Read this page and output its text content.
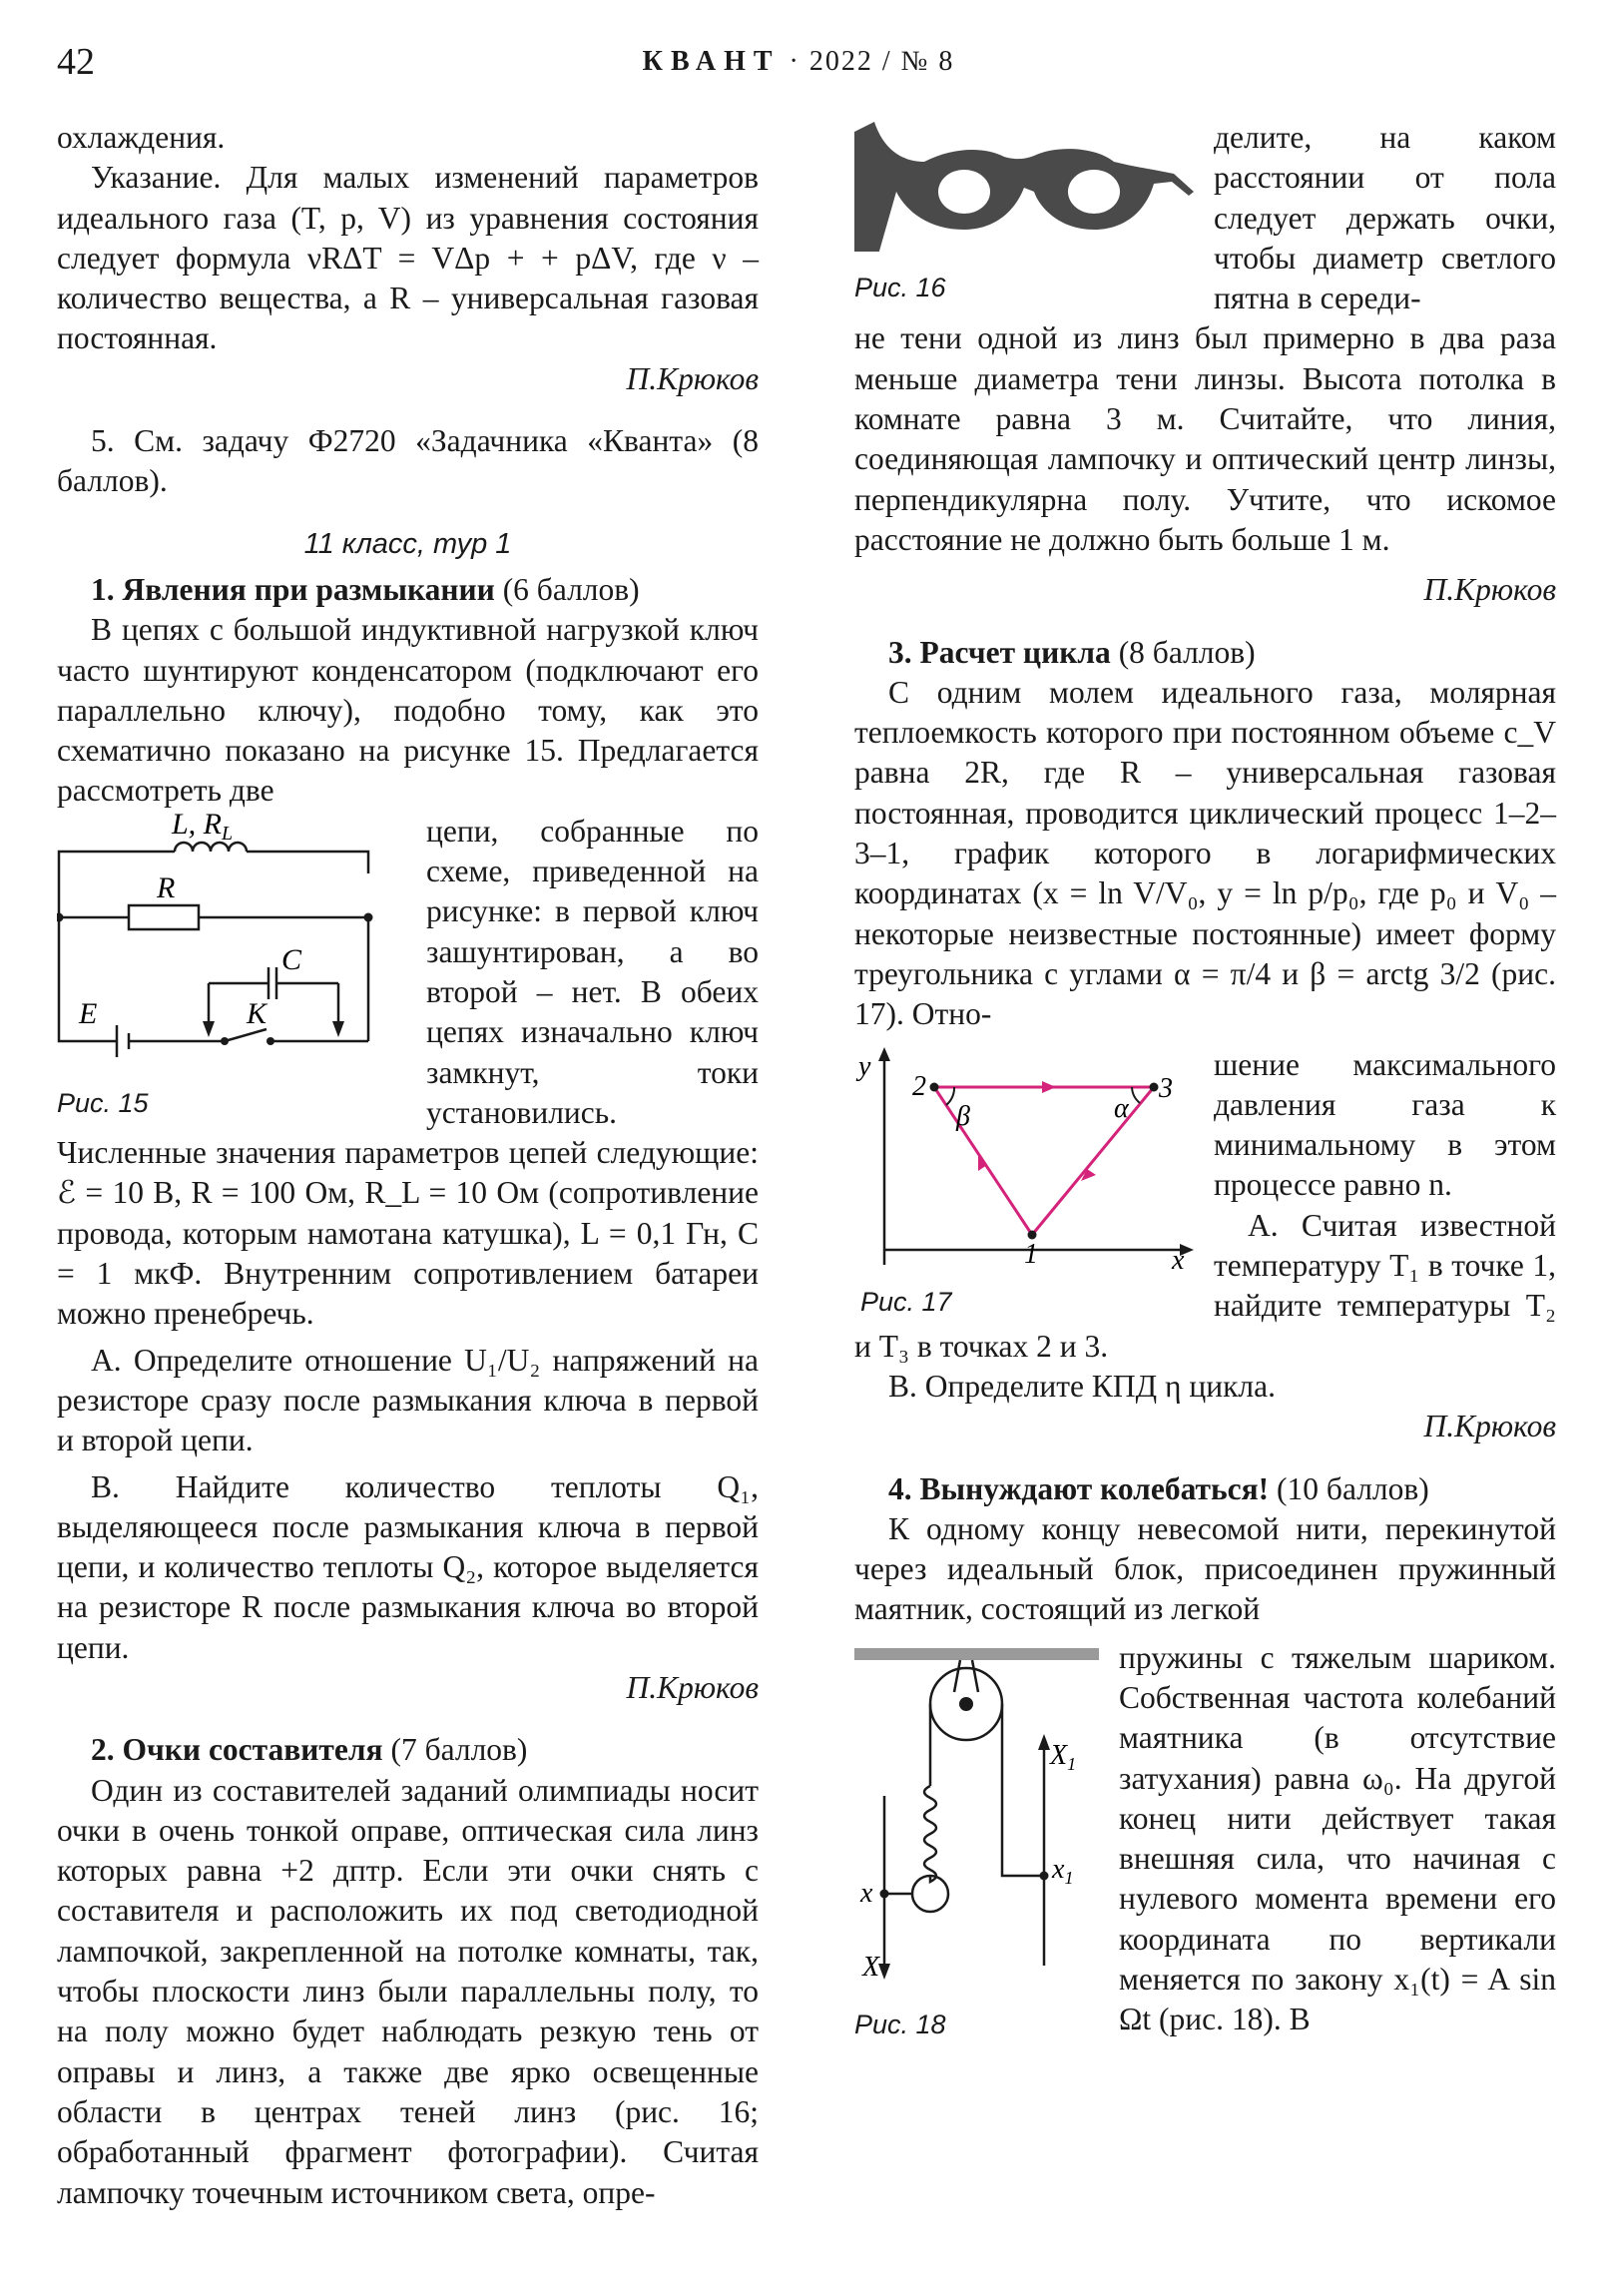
42	КВАНТ · 2022 / № 8

охлаждения.

Указание. Для малых изменений параметров идеального газа (T, p, V) из уравнения состояния следует формула νRΔT = VΔp + + pΔV, где ν – количество вещества, а R – универсальная газовая постоянная.

П.Крюков

5. См. задачу Ф2720 «Задачника «Кванта» (8 баллов).

11 класс, тур 1

1. Явления при размыкании (6 баллов)

В цепях с большой индуктивной нагрузкой ключ часто шунтируют конденсатором (подключают его параллельно ключу), подобно тому, как это схематично показано на рисунке 15. Предлагается рассмотреть две

L, $R_L$
R
C
E	K
Рис. 15

цепи, собранные по схеме, приведенной на рисунке: в первой ключ зашунтирован, а во второй – нет. В обеих цепях изначально ключ замкнут, токи установились. Численные значения параметров цепей следующие: ℰ = 10 В, R = 100 Ом, R_L = 10 Ом (сопротивление провода, которым намотана катушка), L = 0,1 Гн, C = 1 мкФ. Внутренним сопротивлением батареи можно пренебречь.

А. Определите отношение U₁/U₂ напряжений на резисторе сразу после размыкания ключа в первой и второй цепи.

В. Найдите количество теплоты Q₁, выделяющееся после размыкания ключа в первой цепи, и количество теплоты Q₂, которое выделяется на резисторе R после размыкания ключа во второй цепи.

П.Крюков

2. Очки составителя (7 баллов)

Один из составителей заданий олимпиады носит очки в очень тонкой оправе, оптическая сила линз которых равна +2 дптр. Если эти очки снять с составителя и расположить их под светодиодной лампочкой, закрепленной на потолке комнаты, так, чтобы плоскости линз были параллельны полу, то на полу можно будет наблюдать резкую тень от оправы и линз, а также две ярко освещенные области в центрах теней линз (рис. 16; обработанный фрагмент фотографии). Считая лампочку точечным источником света, опре-

Рис. 16

делите, на каком расстоянии от пола следует держать очки, чтобы диаметр светлого пятна в середи-

не тени одной из линз был примерно в два раза меньше диаметра тени линзы. Высота потолка в комнате равна 3 м. Считайте, что линия, соединяющая лампочку и оптический центр линзы, перпендикулярна полу. Учтите, что искомое расстояние не должно быть больше 1 м.

П.Крюков

3. Расчет цикла (8 баллов)

С одним молем идеального газа, молярная теплоемкость которого при постоянном объеме c_V равна 2R, где R – универсальная газовая постоянная, проводится циклический процесс 1–2–3–1, график которого в логарифмических координатах (x = ln V/V₀, y = ln p/p₀, где p₀ и V₀ – некоторые неизвестные постоянные) имеет форму треугольника с углами α = π/4 и β = arctg 3/2 (рис. 17). Отно-

y
x
2	3
1
α
β
Рис. 17

шение максимального давления газа к минимальному в этом процессе равно n.

А. Считая известной температуру T₁ в точке 1, найдите температуры T₂ и T₃ в точках 2 и 3.

В. Определите КПД η цикла.

П.Крюков

4. Вынуждают колебаться! (10 баллов)

К одному концу невесомой нити, перекинутой через идеальный блок, присоединен пружинный маятник, состоящий из легкой

$X_1$
$x_1$
x
X
Рис. 18

пружины с тяжелым шариком. Собственная частота колебаний маятника (в отсутствие затухания) равна ω₀. На другой конец нити действует такая внешняя сила, что начиная с нулевого момента времени его координата по вертикали меняется по закону x₁(t) = A sin Ωt (рис. 18). В
